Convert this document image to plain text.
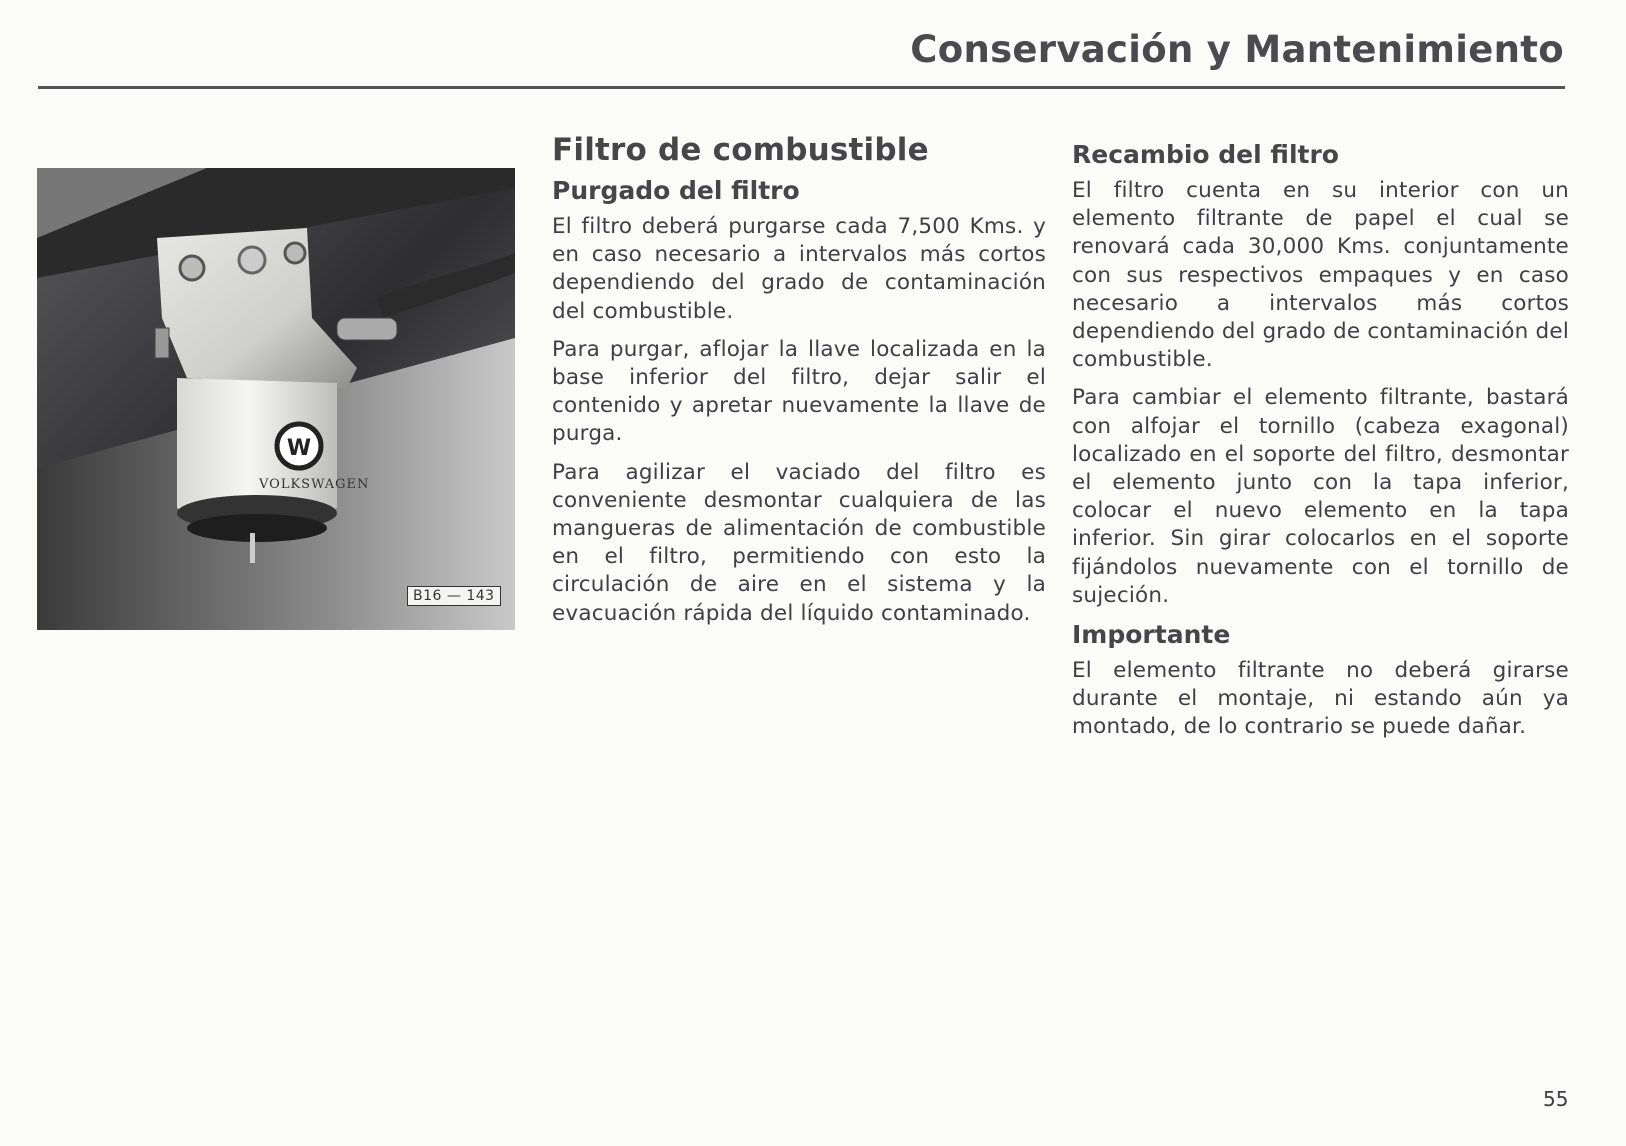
Conservación y Mantenimiento
W
VOLKSWAGEN
B16 — 143
Filtro de combustible
Purgado del filtro

El filtro deberá purgarse cada 7,500 Kms. y en caso necesario a intervalos más cortos dependiendo del grado de contaminación del combustible.

Para purgar, aflojar la llave localizada en la base inferior del filtro, dejar salir el contenido y apretar nuevamente la llave de purga.

Para agilizar el vaciado del filtro es conveniente desmontar cualquiera de las mangueras de alimentación de combustible en el filtro, permitiendo con esto la circulación de aire en el sistema y la evacuación rápida del líquido contaminado.

Recambio del filtro

El filtro cuenta en su interior con un elemento filtrante de papel el cual se renovará cada 30,000 Kms. conjuntamente con sus respectivos empaques y en caso necesario a intervalos más cortos dependiendo del grado de contaminación del combustible.

Para cambiar el elemento filtrante, bastará con alfojar el tornillo (cabeza exagonal) localizado en el soporte del filtro, desmontar el elemento junto con la tapa inferior, colocar el nuevo elemento en la tapa inferior. Sin girar colocarlos en el soporte fijándolos nuevamente con el tornillo de sujeción.

Importante

El elemento filtrante no deberá girarse durante el montaje, ni estando aún ya montado, de lo contrario se puede dañar.

55
